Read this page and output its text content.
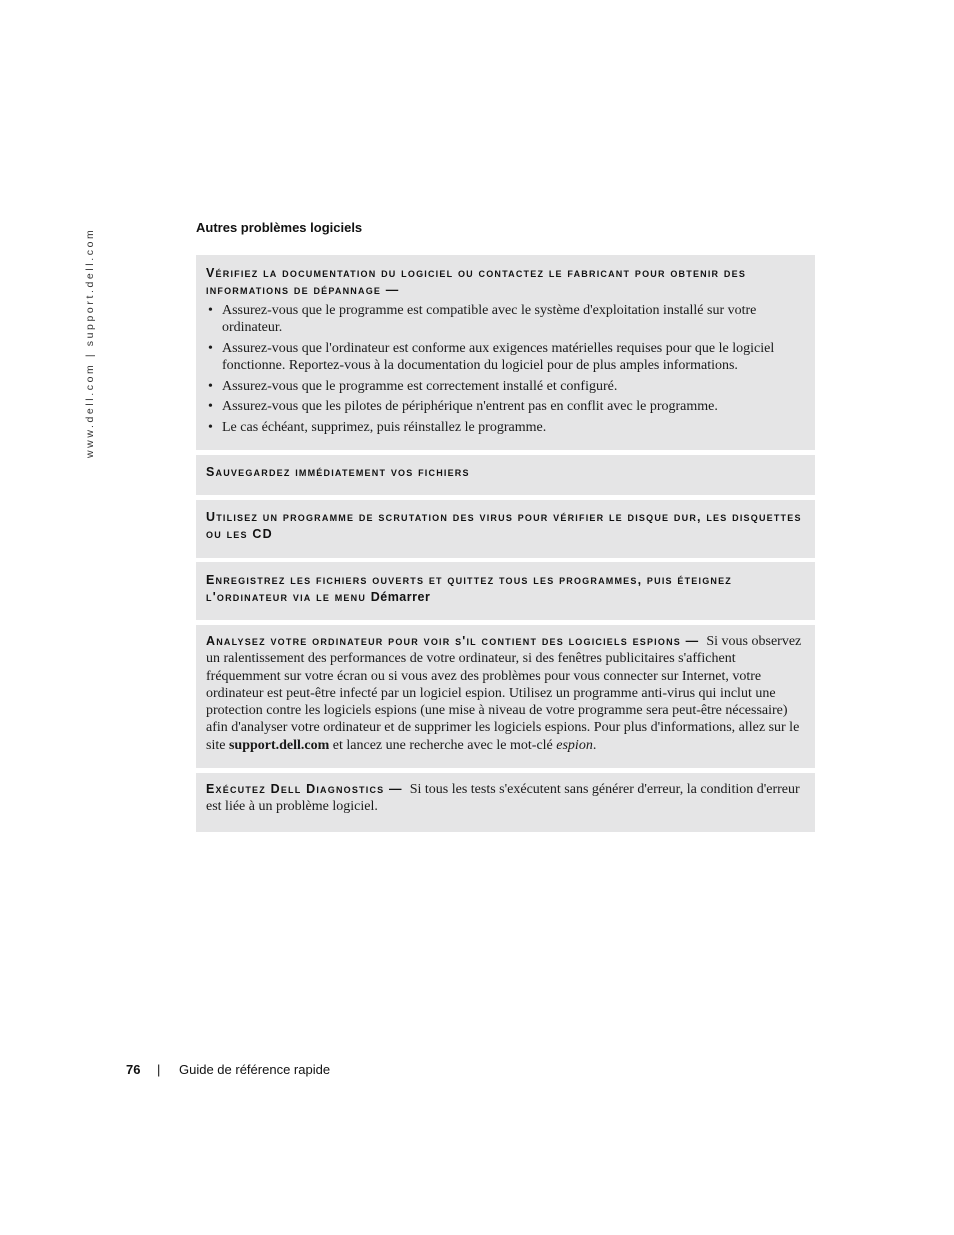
www.dell.com | support.dell.com
Autres problèmes logiciels
Vérifiez la documentation du logiciel ou contactez le fabricant pour obtenir des informations de dépannage —
• Assurez-vous que le programme est compatible avec le système d'exploitation installé sur votre ordinateur.
• Assurez-vous que l'ordinateur est conforme aux exigences matérielles requises pour que le logiciel fonctionne. Reportez-vous à la documentation du logiciel pour de plus amples informations.
• Assurez-vous que le programme est correctement installé et configuré.
• Assurez-vous que les pilotes de périphérique n'entrent pas en conflit avec le programme.
• Le cas échéant, supprimez, puis réinstallez le programme.
Sauvegardez immédiatement vos fichiers
Utilisez un programme de scrutation des virus pour vérifier le disque dur, les disquettes ou les CD
Enregistrez les fichiers ouverts et quittez tous les programmes, puis éteignez l'ordinateur via le menu Démarrer
Analysez votre ordinateur pour voir s'il contient des logiciels espions — Si vous observez un ralentissement des performances de votre ordinateur, si des fenêtres publicitaires s'affichent fréquemment sur votre écran ou si vous avez des problèmes pour vous connecter sur Internet, votre ordinateur est peut-être infecté par un logiciel espion. Utilisez un programme anti-virus qui inclut une protection contre les logiciels espions (une mise à niveau de votre programme sera peut-être nécessaire) afin d'analyser votre ordinateur et de supprimer les logiciels espions. Pour plus d'informations, allez sur le site support.dell.com et lancez une recherche avec le mot-clé espion.
Exécutez Dell Diagnostics — Si tous les tests s'exécutent sans générer d'erreur, la condition d'erreur est liée à un problème logiciel.
76 | Guide de référence rapide
